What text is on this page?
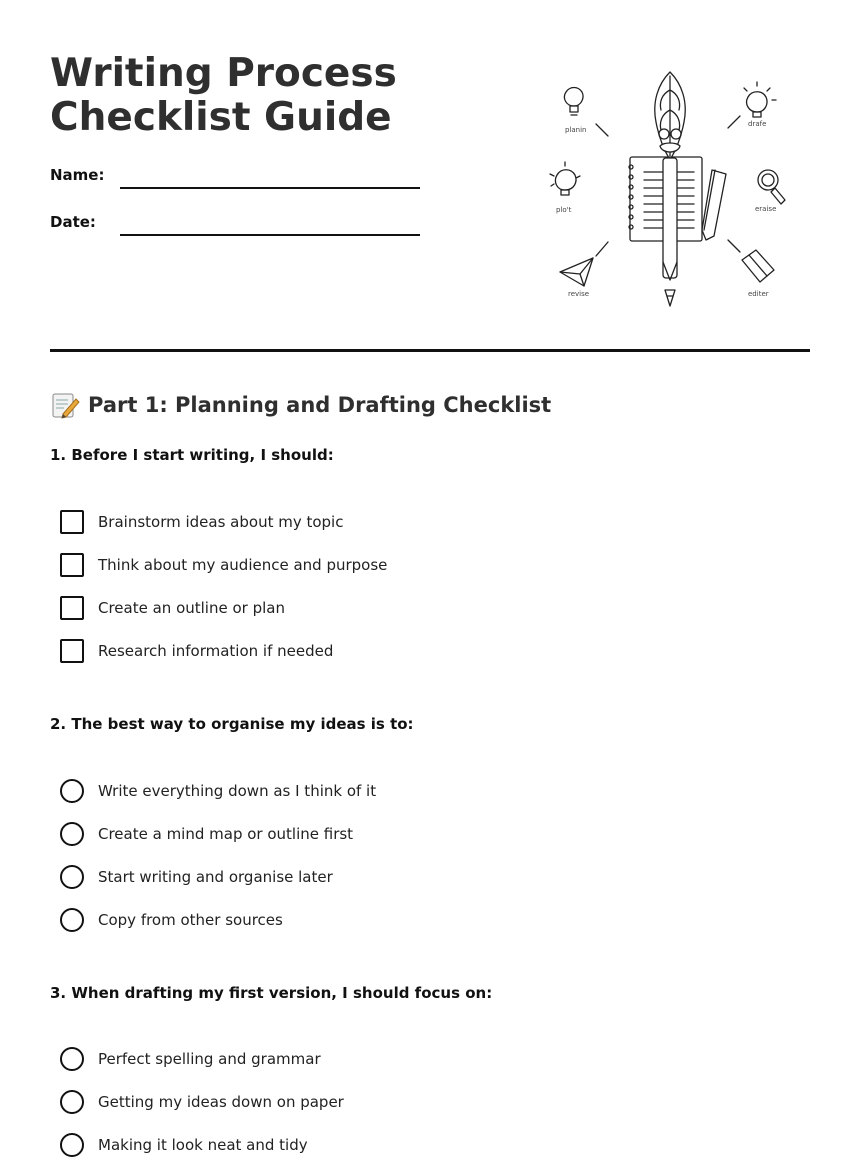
Writing Process
Checklist Guide
Name:
Date:
planin
drafe
plo't	eraise
revise	editer
Part 1: Planning and Drafting Checklist

1. Before I start writing, I should:

Brainstorm ideas about my topic
Think about my audience and purpose
Create an outline or plan
Research information if needed

2. The best way to organise my ideas is to:

Write everything down as I think of it
Create a mind map or outline first
Start writing and organise later
Copy from other sources

3. When drafting my first version, I should focus on:

Perfect spelling and grammar
Getting my ideas down on paper
Making it look neat and tidy
